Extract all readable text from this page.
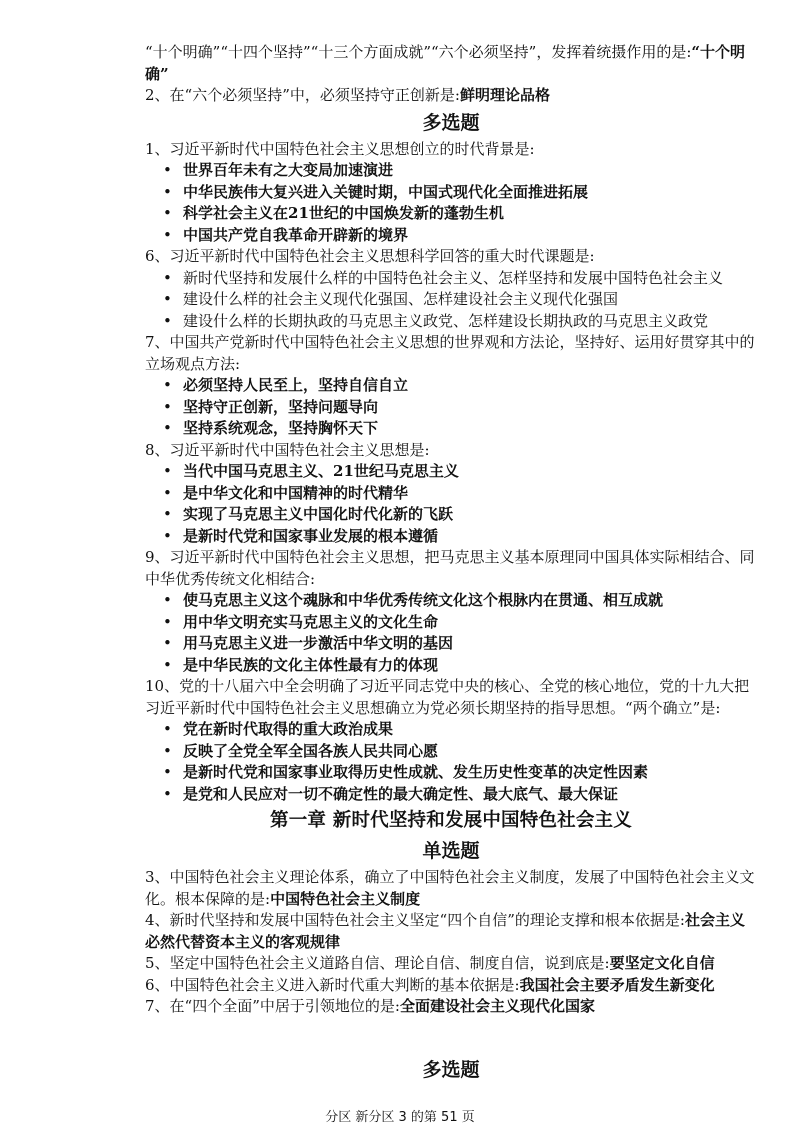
“十个明确”“十四个坚持”“十三个方面成就”“六个必须坚持”，发挥着统摄作用的是:“十个明确”

2、在“六个必须坚持”中，必须坚持守正创新是:鲜明理论品格

多选题

1、习近平新时代中国特色社会主义思想创立的时代背景是:

• 世界百年未有之大变局加速演进
• 中华民族伟大复兴进入关键时期，中国式现代化全面推进拓展
• 科学社会主义在21世纪的中国焕发新的蓬勃生机
• 中国共产党自我革命开辟新的境界

6、习近平新时代中国特色社会主义思想科学回答的重大时代课题是:

• 新时代坚持和发展什么样的中国特色社会主义、怎样坚持和发展中国特色社会主义
• 建设什么样的社会主义现代化强国、怎样建设社会主义现代化强国
• 建设什么样的长期执政的马克思主义政党、怎样建设长期执政的马克思主义政党

7、中国共产党新时代中国特色社会主义思想的世界观和方法论，坚持好、运用好贯穿其中的立场观点方法:

• 必须坚持人民至上，坚持自信自立
• 坚持守正创新，坚持问题导向
• 坚持系统观念，坚持胸怀天下

8、习近平新时代中国特色社会主义思想是:

• 当代中国马克思主义、21世纪马克思主义
• 是中华文化和中国精神的时代精华
• 实现了马克思主义中国化时代化新的飞跃
• 是新时代党和国家事业发展的根本遵循

9、习近平新时代中国特色社会主义思想，把马克思主义基本原理同中国具体实际相结合、同中华优秀传统文化相结合:

• 使马克思主义这个魂脉和中华优秀传统文化这个根脉内在贯通、相互成就
• 用中华文明充实马克思主义的文化生命
• 用马克思主义进一步激活中华文明的基因
• 是中华民族的文化主体性最有力的体现

10、党的十八届六中全会明确了习近平同志党中央的核心、全党的核心地位，党的十九大把习近平新时代中国特色社会主义思想确立为党必须长期坚持的指导思想。“两个确立”是:

• 党在新时代取得的重大政治成果
• 反映了全党全军全国各族人民共同心愿
• 是新时代党和国家事业取得历史性成就、发生历史性变革的决定性因素
• 是党和人民应对一切不确定性的最大确定性、最大底气、最大保证
第一章 新时代坚持和发展中国特色社会主义
单选题

3、中国特色社会主义理论体系，确立了中国特色社会主义制度，发展了中国特色社会主义文化。根本保障的是:中国特色社会主义制度

4、新时代坚持和发展中国特色社会主义坚定“四个自信”的理论支撑和根本依据是:社会主义必然代替资本主义的客观规律

5、坚定中国特色社会主义道路自信、理论自信、制度自信，说到底是:要坚定文化自信

6、中国特色社会主义进入新时代重大判断的基本依据是:我国社会主要矛盾发生新变化

7、在“四个全面”中居于引领地位的是:全面建设社会主义现代化国家

多选题
分区 新分区 3 的第 51 页
